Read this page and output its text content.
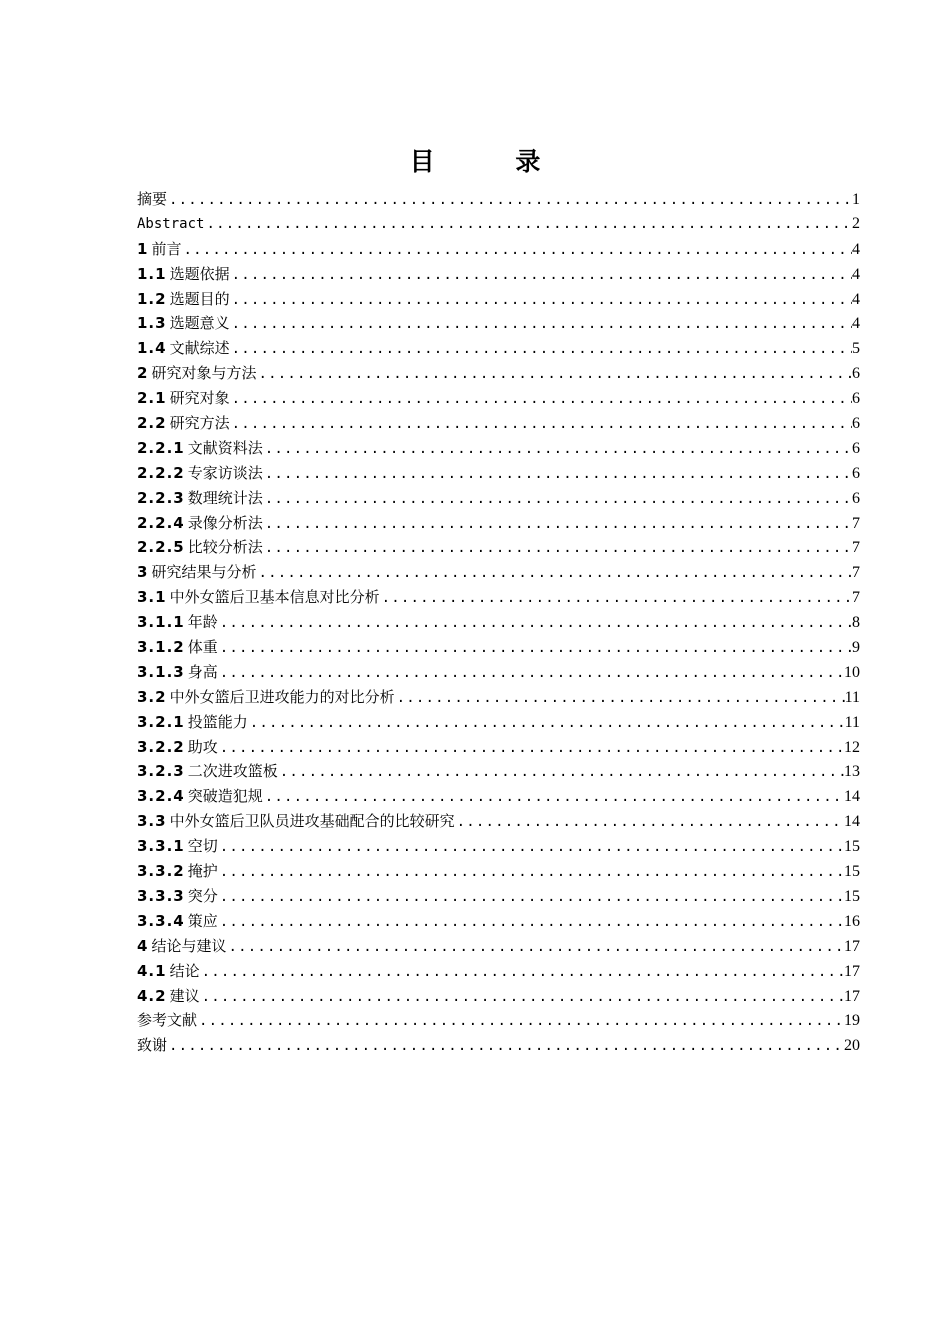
目 录
摘要 .....	1
Abstract .....	2
1 前言 .....	4
1.1 选题依据 .....	4
1.2 选题目的 .....	4
1.3 选题意义 .....	4
1.4 文献综述 .....	5
2 研究对象与方法 .....	6
2.1 研究对象 .....	6
2.2 研究方法 .....	6
2.2.1 文献资料法 .....	6
2.2.2 专家访谈法 .....	6
2.2.3 数理统计法 .....	6
2.2.4 录像分析法 .....	7
2.2.5 比较分析法 .....	7
3 研究结果与分析 .....	7
3.1 中外女篮后卫基本信息对比分析 .....	7
3.1.1 年龄 .....	8
3.1.2 体重 .....	9
3.1.3 身高 .....	10
3.2 中外女篮后卫进攻能力的对比分析 .....	11
3.2.1 投篮能力 .....	11
3.2.2 助攻 .....	12
3.2.3 二次进攻篮板 .....	13
3.2.4 突破造犯规 .....	14
3.3 中外女篮后卫队员进攻基础配合的比较研究 .....	14
3.3.1 空切 .....	15
3.3.2 掩护 .....	15
3.3.3 突分 .....	15
3.3.4 策应 .....	16
4 结论与建议 .....	17
4.1 结论 .....	17
4.2 建议 .....	17
参考文献 .....	19
致谢 .....	20
